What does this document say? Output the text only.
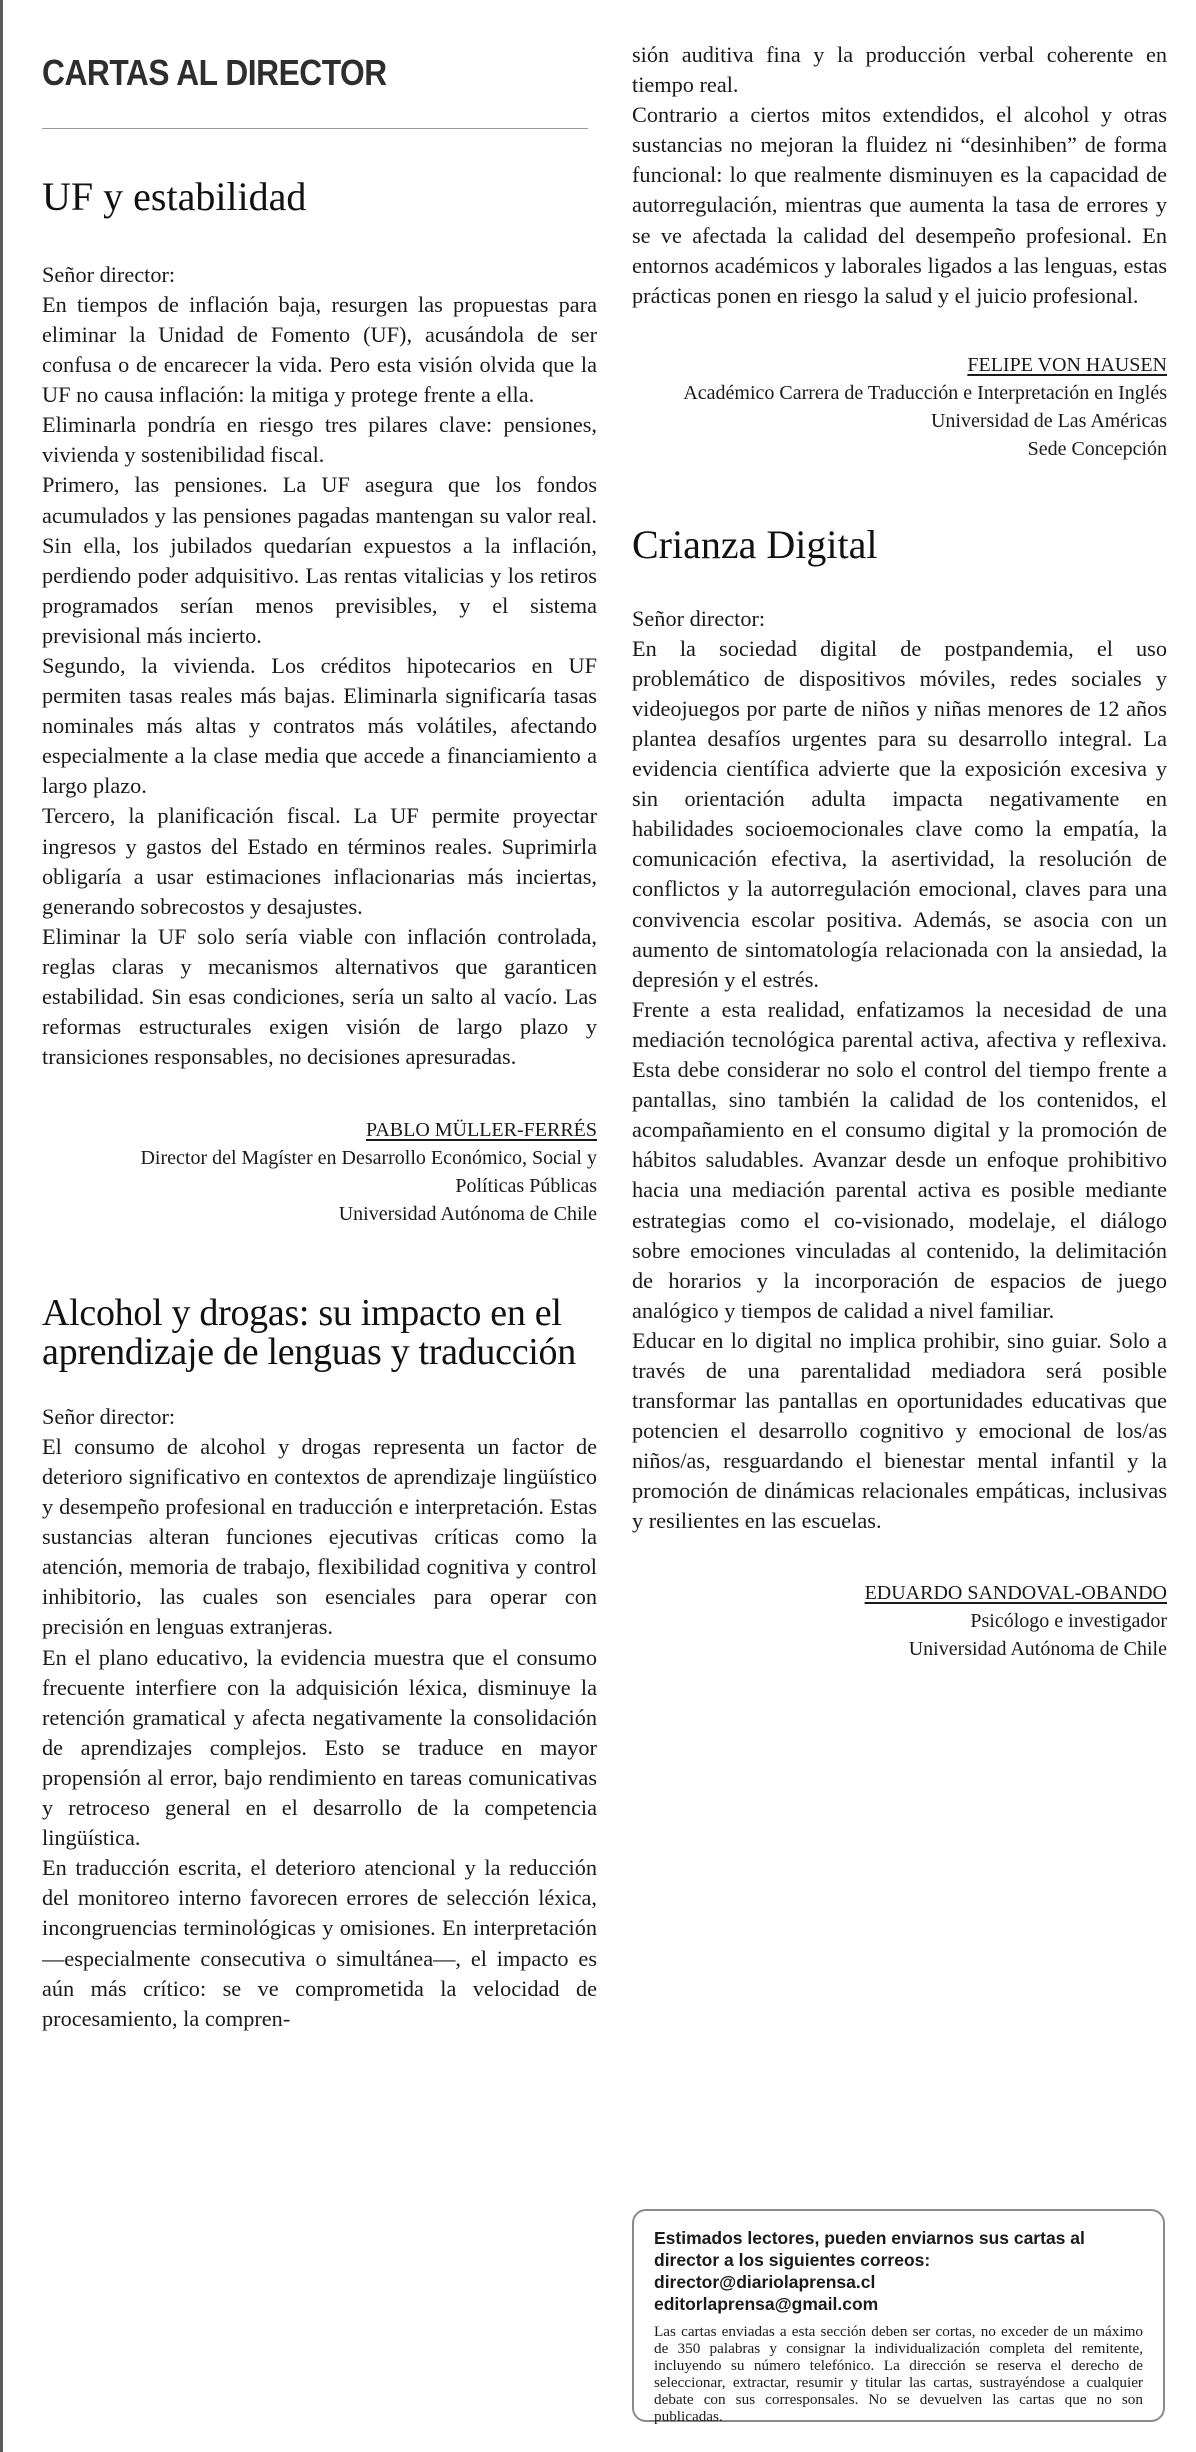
CARTAS AL DIRECTOR
UF y estabilidad

Señor director:

En tiempos de inflación baja, resurgen las propuestas para eliminar la Unidad de Fomento (UF), acusándola de ser confusa o de encarecer la vida. Pero esta visión olvida que la UF no causa inflación: la mitiga y protege frente a ella.

Eliminarla pondría en riesgo tres pilares clave: pensiones, vivienda y sostenibilidad fiscal.

Primero, las pensiones. La UF asegura que los fondos acumulados y las pensiones pagadas mantengan su valor real. Sin ella, los jubilados quedarían expuestos a la inflación, perdiendo poder adquisitivo. Las rentas vitalicias y los retiros programados serían menos previsibles, y el sistema previsional más incierto.

Segundo, la vivienda. Los créditos hipotecarios en UF permiten tasas reales más bajas. Eliminarla significaría tasas nominales más altas y contratos más volátiles, afectando especialmente a la clase media que accede a financiamiento a largo plazo.

Tercero, la planificación fiscal. La UF permite proyectar ingresos y gastos del Estado en términos reales. Suprimirla obligaría a usar estimaciones inflacionarias más inciertas, generando sobrecostos y desajustes.

Eliminar la UF solo sería viable con inflación controlada, reglas claras y mecanismos alternativos que garanticen estabilidad. Sin esas condiciones, sería un salto al vacío. Las reformas estructurales exigen visión de largo plazo y transiciones responsables, no decisiones apresuradas.

PABLO MÜLLER-FERRÉS
Director del Magíster en Desarrollo Económico, Social y
Políticas Públicas
Universidad Autónoma de Chile
Alcohol y drogas: su impacto en el aprendizaje de lenguas y traducción

Señor director:

El consumo de alcohol y drogas representa un factor de deterioro significativo en contextos de aprendizaje lingüístico y desempeño profesional en traducción e interpretación. Estas sustancias alteran funciones ejecutivas críticas como la atención, memoria de trabajo, flexibilidad cognitiva y control inhibitorio, las cuales son esenciales para operar con precisión en lenguas extranjeras.

En el plano educativo, la evidencia muestra que el consumo frecuente interfiere con la adquisición léxica, disminuye la retención gramatical y afecta negativamente la consolidación de aprendizajes complejos. Esto se traduce en mayor propensión al error, bajo rendimiento en tareas comunicativas y retroceso general en el desarrollo de la competencia lingüística.

En traducción escrita, el deterioro atencional y la reducción del monitoreo interno favorecen errores de selección léxica, incongruencias terminológicas y omisiones. En interpretación —especialmente consecutiva o simultánea—, el impacto es aún más crítico: se ve comprometida la velocidad de procesamiento, la compren-

sión auditiva fina y la producción verbal coherente en tiempo real.

Contrario a ciertos mitos extendidos, el alcohol y otras sustancias no mejoran la fluidez ni “desinhiben” de forma funcional: lo que realmente disminuyen es la capacidad de autorregulación, mientras que aumenta la tasa de errores y se ve afectada la calidad del desempeño profesional. En entornos académicos y laborales ligados a las lenguas, estas prácticas ponen en riesgo la salud y el juicio profesional.

FELIPE VON HAUSEN
Académico Carrera de Traducción e Interpretación en Inglés
Universidad de Las Américas
Sede Concepción
Crianza Digital

Señor director:

En la sociedad digital de postpandemia, el uso problemático de dispositivos móviles, redes sociales y videojuegos por parte de niños y niñas menores de 12 años plantea desafíos urgentes para su desarrollo integral. La evidencia científica advierte que la exposición excesiva y sin orientación adulta impacta negativamente en habilidades socioemocionales clave como la empatía, la comunicación efectiva, la asertividad, la resolución de conflictos y la autorregulación emocional, claves para una convivencia escolar positiva. Además, se asocia con un aumento de sintomatología relacionada con la ansiedad, la depresión y el estrés.

Frente a esta realidad, enfatizamos la necesidad de una mediación tecnológica parental activa, afectiva y reflexiva. Esta debe considerar no solo el control del tiempo frente a pantallas, sino también la calidad de los contenidos, el acompañamiento en el consumo digital y la promoción de hábitos saludables. Avanzar desde un enfoque prohibitivo hacia una mediación parental activa es posible mediante estrategias como el co-visionado, modelaje, el diálogo sobre emociones vinculadas al contenido, la delimitación de horarios y la incorporación de espacios de juego analógico y tiempos de calidad a nivel familiar.

Educar en lo digital no implica prohibir, sino guiar. Solo a través de una parentalidad mediadora será posible transformar las pantallas en oportunidades educativas que potencien el desarrollo cognitivo y emocional de los/as niños/as, resguardando el bienestar mental infantil y la promoción de dinámicas relacionales empáticas, inclusivas y resilientes en las escuelas.

EDUARDO SANDOVAL-OBANDO
Psicólogo e investigador
Universidad Autónoma de Chile
Estimados lectores, pueden enviarnos sus cartas al director a los siguientes correos:
director@diariolaprensa.cl
editorlaprensa@gmail.com
Las cartas enviadas a esta sección deben ser cortas, no exceder de un máximo de 350 palabras y consignar la individualización completa del remitente, incluyendo su número telefónico. La dirección se reserva el derecho de seleccionar, extractar, resumir y titular las cartas, sustrayéndose a cualquier debate con sus corresponsales. No se devuelven las cartas que no son publicadas.
